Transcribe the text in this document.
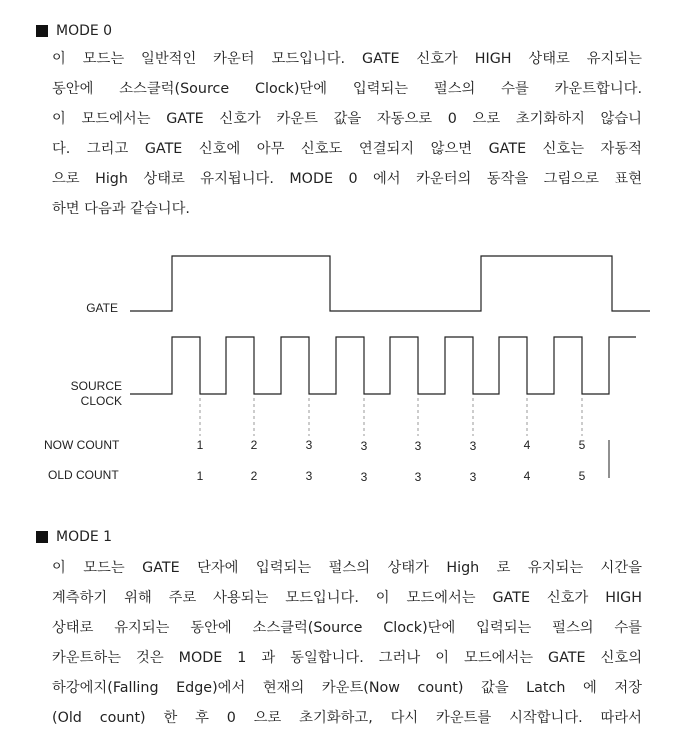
MODE 0
이 모드는 일반적인 카운터 모드입니다. GATE 신호가 HIGH 상태로 유지되는
동안에 소스클럭(Source Clock)단에 입력되는 펄스의 수를 카운트합니다.
이 모드에서는 GATE 신호가 카운트 값을 자동으로 0 으로 초기화하지 않습니
다. 그리고 GATE 신호에 아무 신호도 연결되지 않으면 GATE 신호는 자동적
으로 High 상태로 유지됩니다. MODE 0 에서 카운터의 동작을 그림으로 표현
하면 다음과 같습니다.
GATE
SOURCE
CLOCK
NOW COUNT
OLD COUNT
1	2	3	3	3	3	4	5
1	2	3	3	3	3	4	5
MODE 1
이 모드는 GATE 단자에 입력되는 펄스의 상태가 High 로 유지되는 시간을
계측하기 위해 주로 사용되는 모드입니다. 이 모드에서는 GATE 신호가 HIGH
상태로 유지되는 동안에 소스클럭(Source Clock)단에 입력되는 펄스의 수를
카운트하는 것은 MODE 1 과 동일합니다. 그러나 이 모드에서는 GATE 신호의
하강에지(Falling Edge)에서 현재의 카운트(Now count) 값을 Latch 에 저장
(Old count) 한 후 0 으로 초기화하고, 다시 카운트를 시작합니다. 따라서
